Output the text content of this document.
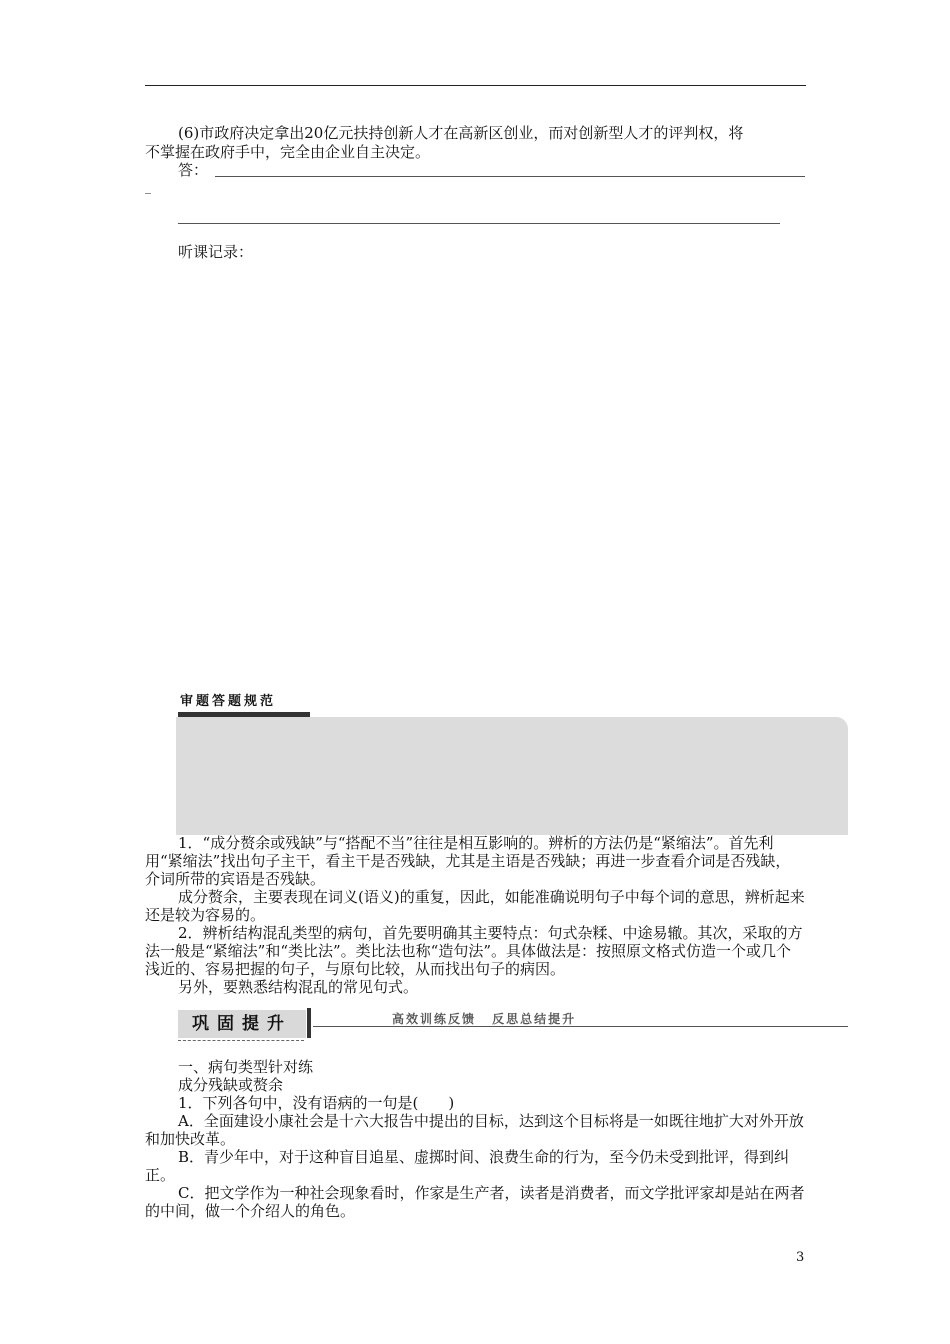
(6)市政府决定拿出20亿元扶持创新人才在高新区创业，而对创新型人才的评判权，将
不掌握在政府手中，完全由企业自主决定。
答：
_
听课记录：
审题答题规范
1．“成分赘余或残缺”与“搭配不当”往往是相互影响的。辨析的方法仍是“紧缩法”。首先利用“紧缩法”找出句子主干，看主干是否残缺，尤其是主语是否残缺；再进一步查看介词是否残缺，介词所带的宾语是否残缺。
成分赘余，主要表现在词义(语义)的重复，因此，如能准确说明句子中每个词的意思，辨析起来还是较为容易的。
2．辨析结构混乱类型的病句，首先要明确其主要特点：句式杂糅、中途易辙。其次，采取的方法一般是“紧缩法”和“类比法”。类比法也称“造句法”。具体做法是：按照原文格式仿造一个或几个浅近的、容易把握的句子，与原句比较，从而找出句子的病因。
另外，要熟悉结构混乱的常见句式。
巩固提升	高效训练反馈 反思总结提升
一、病句类型针对练
成分残缺或赘余
1．下列各句中，没有语病的一句是(　　)
A．全面建设小康社会是十六大报告中提出的目标，达到这个目标将是一如既往地扩大对外开放和加快改革。
B．青少年中，对于这种盲目追星、虚掷时间、浪费生命的行为，至今仍未受到批评，得到纠正。
C．把文学作为一种社会现象看时，作家是生产者，读者是消费者，而文学批评家却是站在两者的中间，做一个介绍人的角色。
3
